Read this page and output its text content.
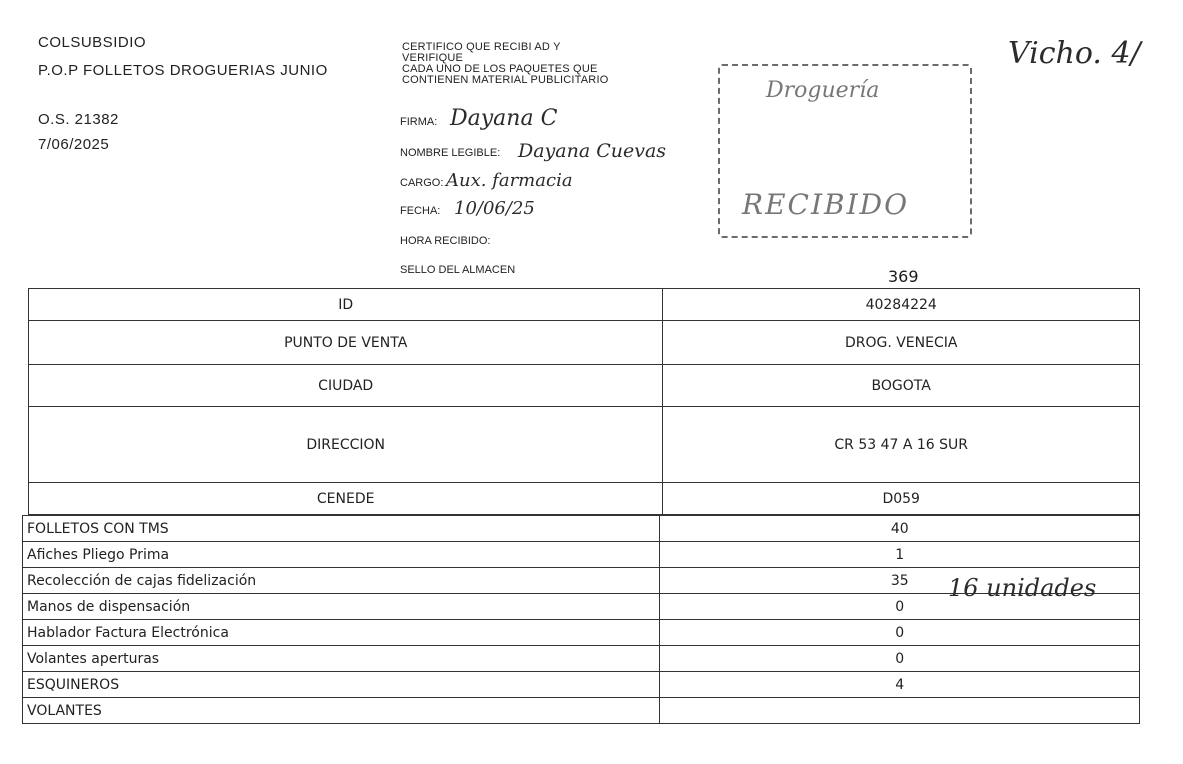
COLSUBSIDIO
P.O.P FOLLETOS DROGUERIAS JUNIO
O.S. 21382
7/06/2025
CERTIFICO QUE RECIBI AD Y
VERIFIQUE
CADA UNO DE LOS PAQUETES QUE
CONTIENEN MATERIAL PUBLICITARIO
FIRMA: Dayana C
NOMBRE LEGIBLE: Dayana Cuevas
CARGO: Aux. farmacia
FECHA: 10/06/25
HORA RECIBIDO:
SELLO DEL ALMACEN
Droguería
RECIBIDO
Vicho. 4/
369
ID	40284224
PUNTO DE VENTA	DROG. VENECIA
CIUDAD	BOGOTA
DIRECCION	CR 53 47 A 16 SUR
CENEDE	D059
FOLLETOS CON TMS	40
Afiches Pliego Prima	1
Recolección de cajas fidelización	35
Manos de dispensación	0
Hablador Factura Electrónica	0
Volantes aperturas	0
ESQUINEROS	4
VOLANTES	
16 unidades
